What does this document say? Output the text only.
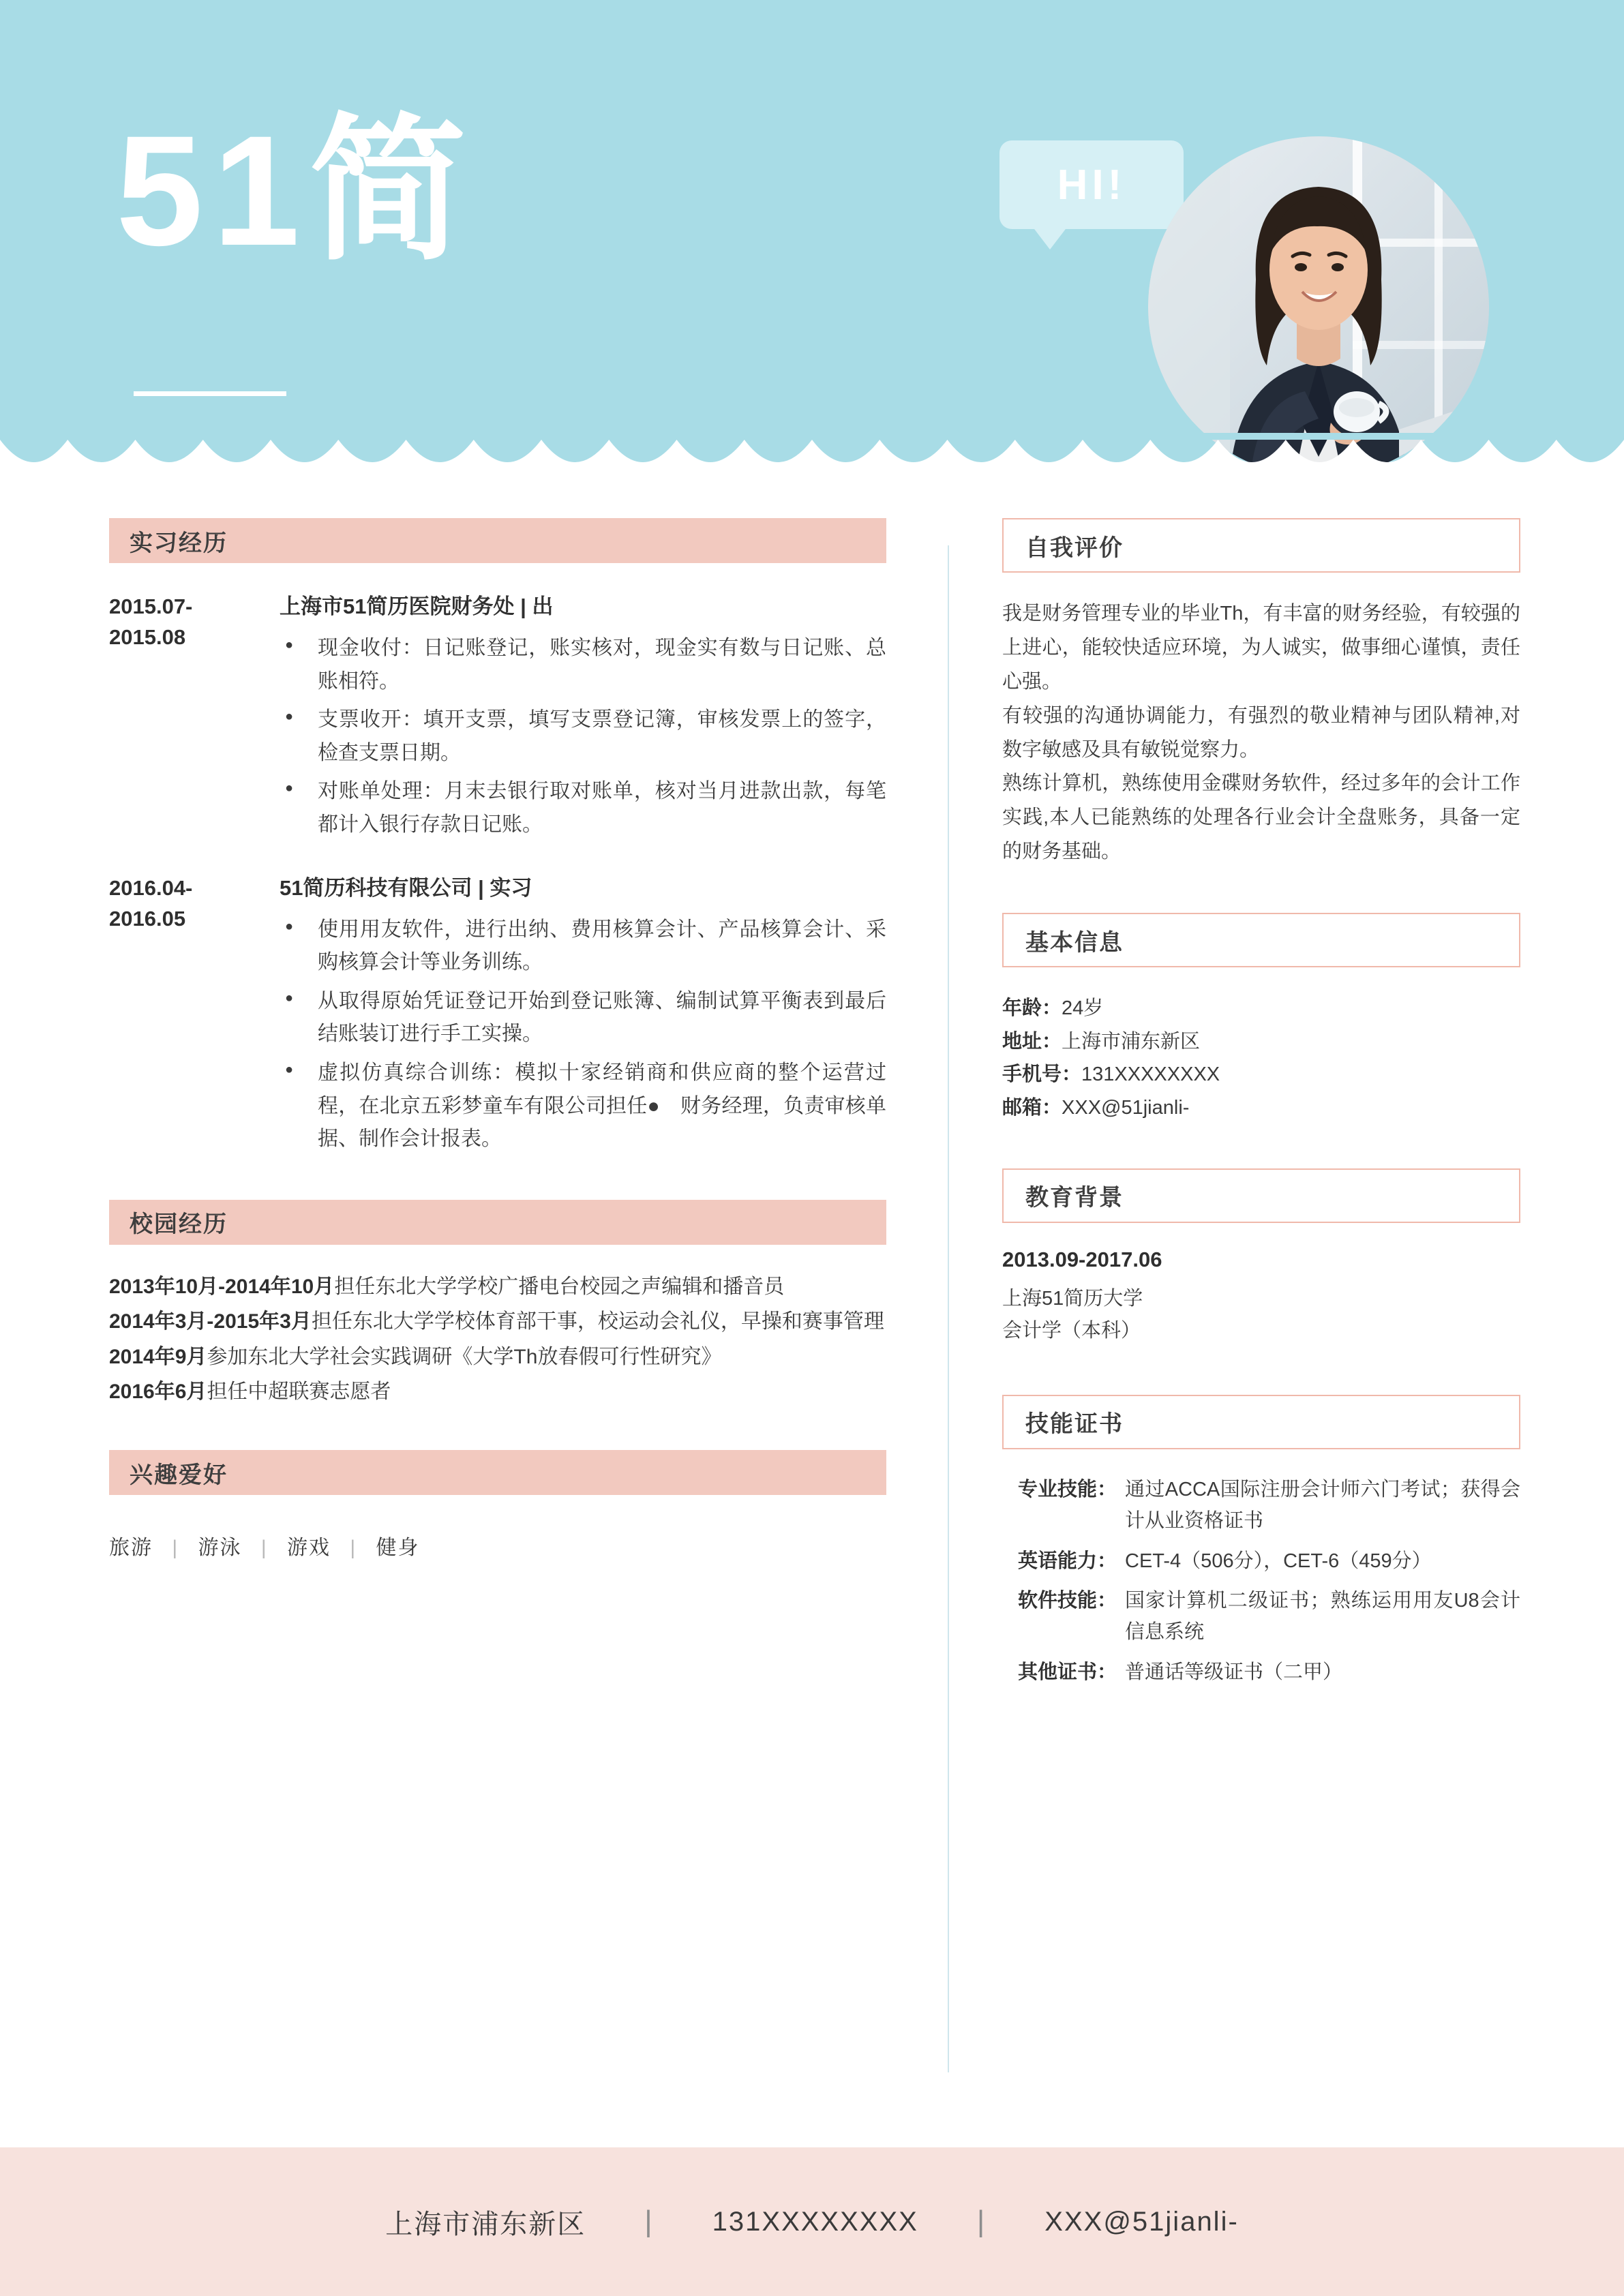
51简	HI!
实习经历
2015.07-
2015.08
上海市51简历医院财务处 | 出
● 现金收付：日记账登记，账实核对，现金实有数与日记账、总账相符。
● 支票收开：填开支票，填写支票登记簿，审核发票上的签字，检查支票日期。
● 对账单处理：月末去银行取对账单，核对当月进款出款，每笔都计入银行存款日记账。
2016.04-
2016.05
51简历科技有限公司 | 实习
● 使用用友软件，进行出纳、费用核算会计、产品核算会计、采购核算会计等业务训练。
● 从取得原始凭证登记开始到登记账簿、编制试算平衡表到最后结账装订进行手工实操。
● 虚拟仿真综合训练：模拟十家经销商和供应商的整个运营过程，在北京五彩梦童车有限公司担任●　财务经理，负责审核单据、制作会计报表。
校园经历
2013年10月-2014年10月担任东北大学学校广播电台校园之声编辑和播音员
2014年3月-2015年3月担任东北大学学校体育部干事，校运动会礼仪，早操和赛事管理
2014年9月参加东北大学社会实践调研《大学Th放春假可行性研究》
2016年6月担任中超联赛志愿者
兴趣爱好
旅游 | 游泳 | 游戏 | 健身
自我评价
我是财务管理专业的毕业Th，有丰富的财务经验，有较强的上进心，能较快适应环境，为人诚实，做事细心谨慎，责任心强。
有较强的沟通协调能力，有强烈的敬业精神与团队精神,对数字敏感及具有敏锐觉察力。
熟练计算机，熟练使用金碟财务软件，经过多年的会计工作实践,本人已能熟练的处理各行业会计全盘账务，具备一定的财务基础。
基本信息
年龄：24岁
地址：上海市浦东新区
手机号：131XXXXXXXX
邮箱：XXX@51jianli-
教育背景
2013.09-2017.06
上海51简历大学
会计学（本科）
技能证书
专业技能： 通过ACCA国际注册会计师六门考试；获得会计从业资格证书
英语能力： CET-4（506分），CET-6（459分）
软件技能： 国家计算机二级证书；熟练运用用友U8会计信息系统
其他证书： 普通话等级证书（二甲）
上海市浦东新区	|	131XXXXXXXX	|	XXX@51jianli-
